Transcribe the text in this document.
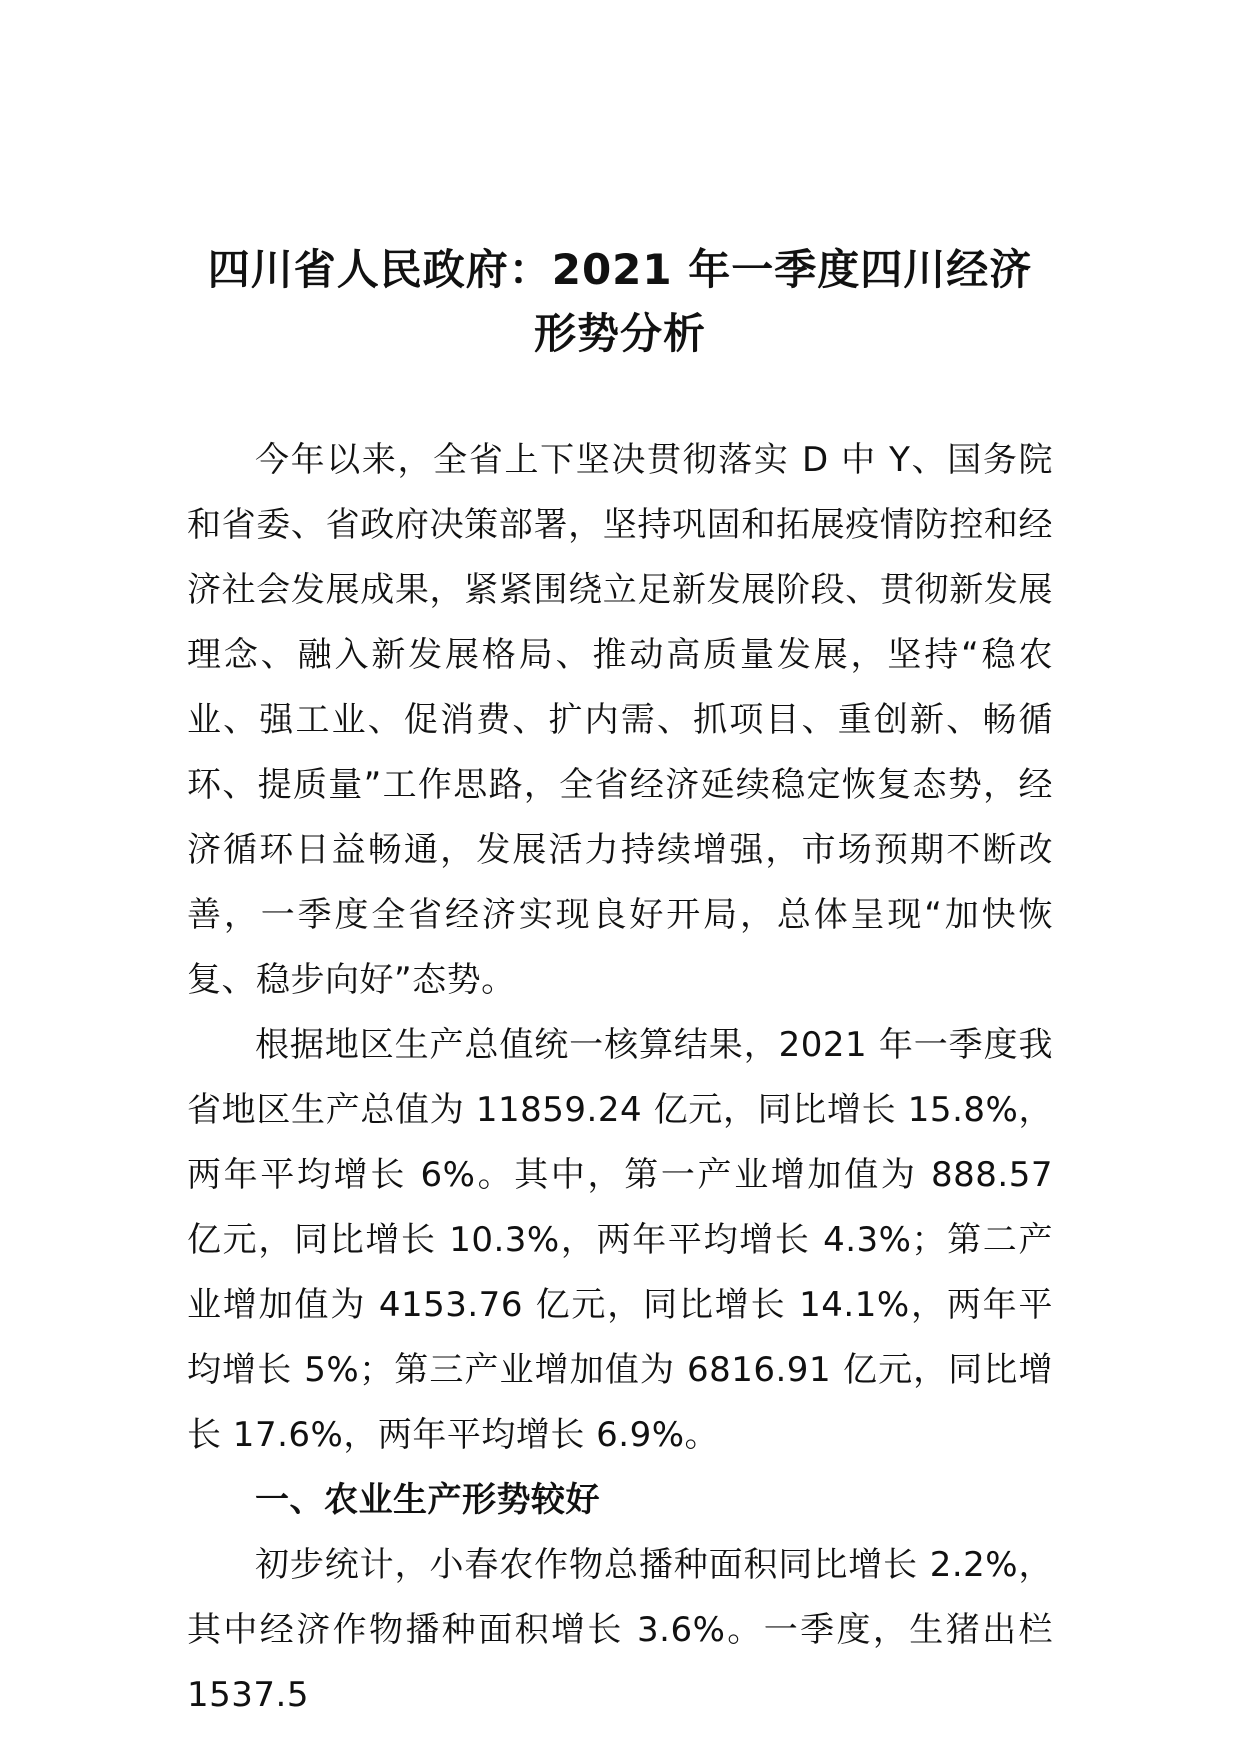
四川省人民政府：2021 年一季度四川经济
形势分析

今年以来，全省上下坚决贯彻落实 D 中 Y、国务院和省委、省政府决策部署，坚持巩固和拓展疫情防控和经济社会发展成果，紧紧围绕立足新发展阶段、贯彻新发展理念、融入新发展格局、推动高质量发展，坚持“稳农业、强工业、促消费、扩内需、抓项目、重创新、畅循环、提质量”工作思路，全省经济延续稳定恢复态势，经济循环日益畅通，发展活力持续增强，市场预期不断改善，一季度全省经济实现良好开局，总体呈现“加快恢复、稳步向好”态势。

根据地区生产总值统一核算结果，2021 年一季度我省地区生产总值为 11859.24 亿元，同比增长 15.8%，两年平均增长 6%。其中，第一产业增加值为 888.57 亿元，同比增长 10.3%，两年平均增长 4.3%；第二产业增加值为 4153.76 亿元，同比增长 14.1%，两年平均增长 5%；第三产业增加值为 6816.91 亿元，同比增长 17.6%，两年平均增长 6.9%。

一、农业生产形势较好

初步统计，小春农作物总播种面积同比增长 2.2%，其中经济作物播种面积增长 3.6%。一季度，生猪出栏 1537.5
